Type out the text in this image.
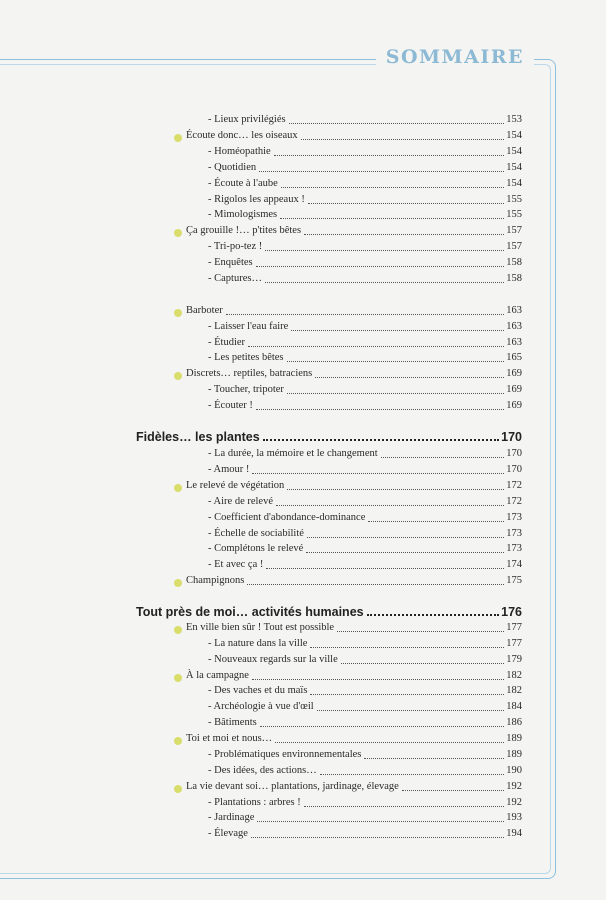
SOMMAIRE
- Lieux privilégiés	153
Écoute donc… les oiseaux	154
- Homéopathie	154
- Quotidien	154
- Écoute à l'aube	154
- Rigolos les appeaux !	155
- Mimologismes	155
Ça grouille !… p'tites bêtes	157
- Tri-po-tez !	157
- Enquêtes	158
- Captures…	158
Barboter	163
- Laisser l'eau faire	163
- Étudier	163
- Les petites bêtes	165
Discrets… reptiles, batraciens	169
- Toucher, tripoter	169
- Écouter !	169
Fidèles… les plantes	170
- La durée, la mémoire et le changement	170
- Amour !	170
Le relevé de végétation	172
- Aire de relevé	172
- Coefficient d'abondance-dominance	173
- Échelle de sociabilité	173
- Complétons le relevé	173
- Et avec ça !	174
Champignons	175
Tout près de moi… activités humaines	176
En ville bien sûr ! Tout est possible	177
- La nature dans la ville	177
- Nouveaux regards sur la ville	179
À la campagne	182
- Des vaches et du maïs	182
- Archéologie à vue d'œil	184
- Bâtiments	186
Toi et moi et nous…	189
- Problématiques environnementales	189
- Des idées, des actions…	190
La vie devant soi… plantations, jardinage, élevage	192
- Plantations : arbres !	192
- Jardinage	193
- Élevage	194
